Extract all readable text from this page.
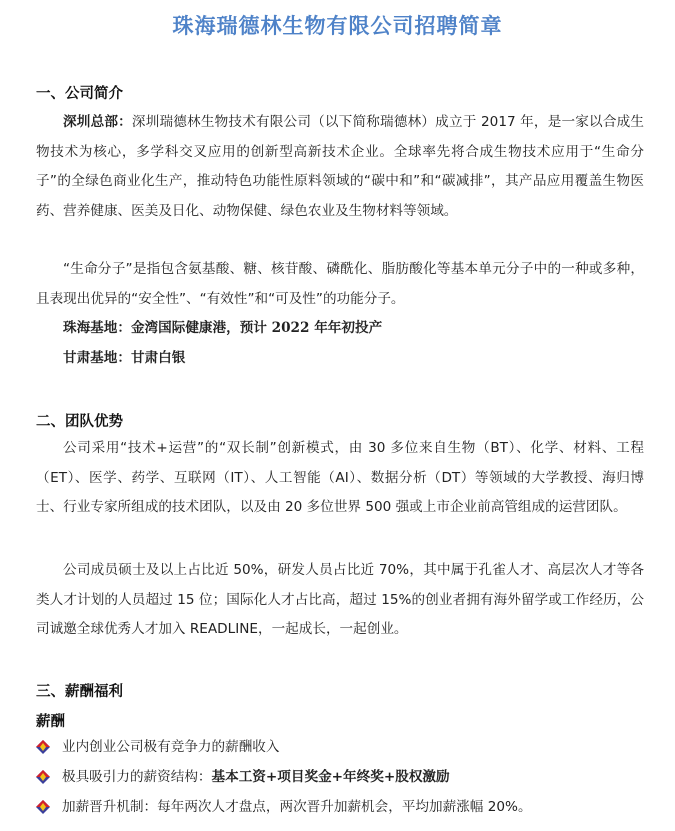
珠海瑞德林生物有限公司招聘简章
一、公司简介
深圳总部：深圳瑞德林生物技术有限公司（以下简称瑞德林）成立于 2017 年，是一家以合成生物技术为核心，多学科交叉应用的创新型高新技术企业。全球率先将合成生物技术应用于“生命分子”的全绿色商业化生产，推动特色功能性原料领域的“碳中和”和“碳减排”，其产品应用覆盖生物医药、营养健康、医美及日化、动物保健、绿色农业及生物材料等领域。
“生命分子”是指包含氨基酸、糖、核苷酸、磷酰化、脂肪酸化等基本单元分子中的一种或多种，且表现出优异的“安全性”、“有效性”和“可及性”的功能分子。
珠海基地：金湾国际健康港，预计 2022 年年初投产
甘肃基地：甘肃白银
二、团队优势
公司采用“技术+运营”的“双长制”创新模式，由 30 多位来自生物（BT）、化学、材料、工程（ET）、医学、药学、互联网（IT）、人工智能（AI）、数据分析（DT）等领域的大学教授、海归博士、行业专家所组成的技术团队，以及由 20 多位世界 500 强或上市企业前高管组成的运营团队。
公司成员硕士及以上占比近 50%，研发人员占比近 70%，其中属于孔雀人才、高层次人才等各类人才计划的人员超过 15 位；国际化人才占比高，超过 15%的创业者拥有海外留学或工作经历，公司诚邀全球优秀人才加入 READLINE，一起成长，一起创业。
三、薪酬福利
薪酬
业内创业公司极有竞争力的薪酬收入
极具吸引力的薪资结构： 基本工资+项目奖金+年终奖+股权激励
加薪晋升机制：每年两次人才盘点，两次晋升加薪机会，平均加薪涨幅 20%。
